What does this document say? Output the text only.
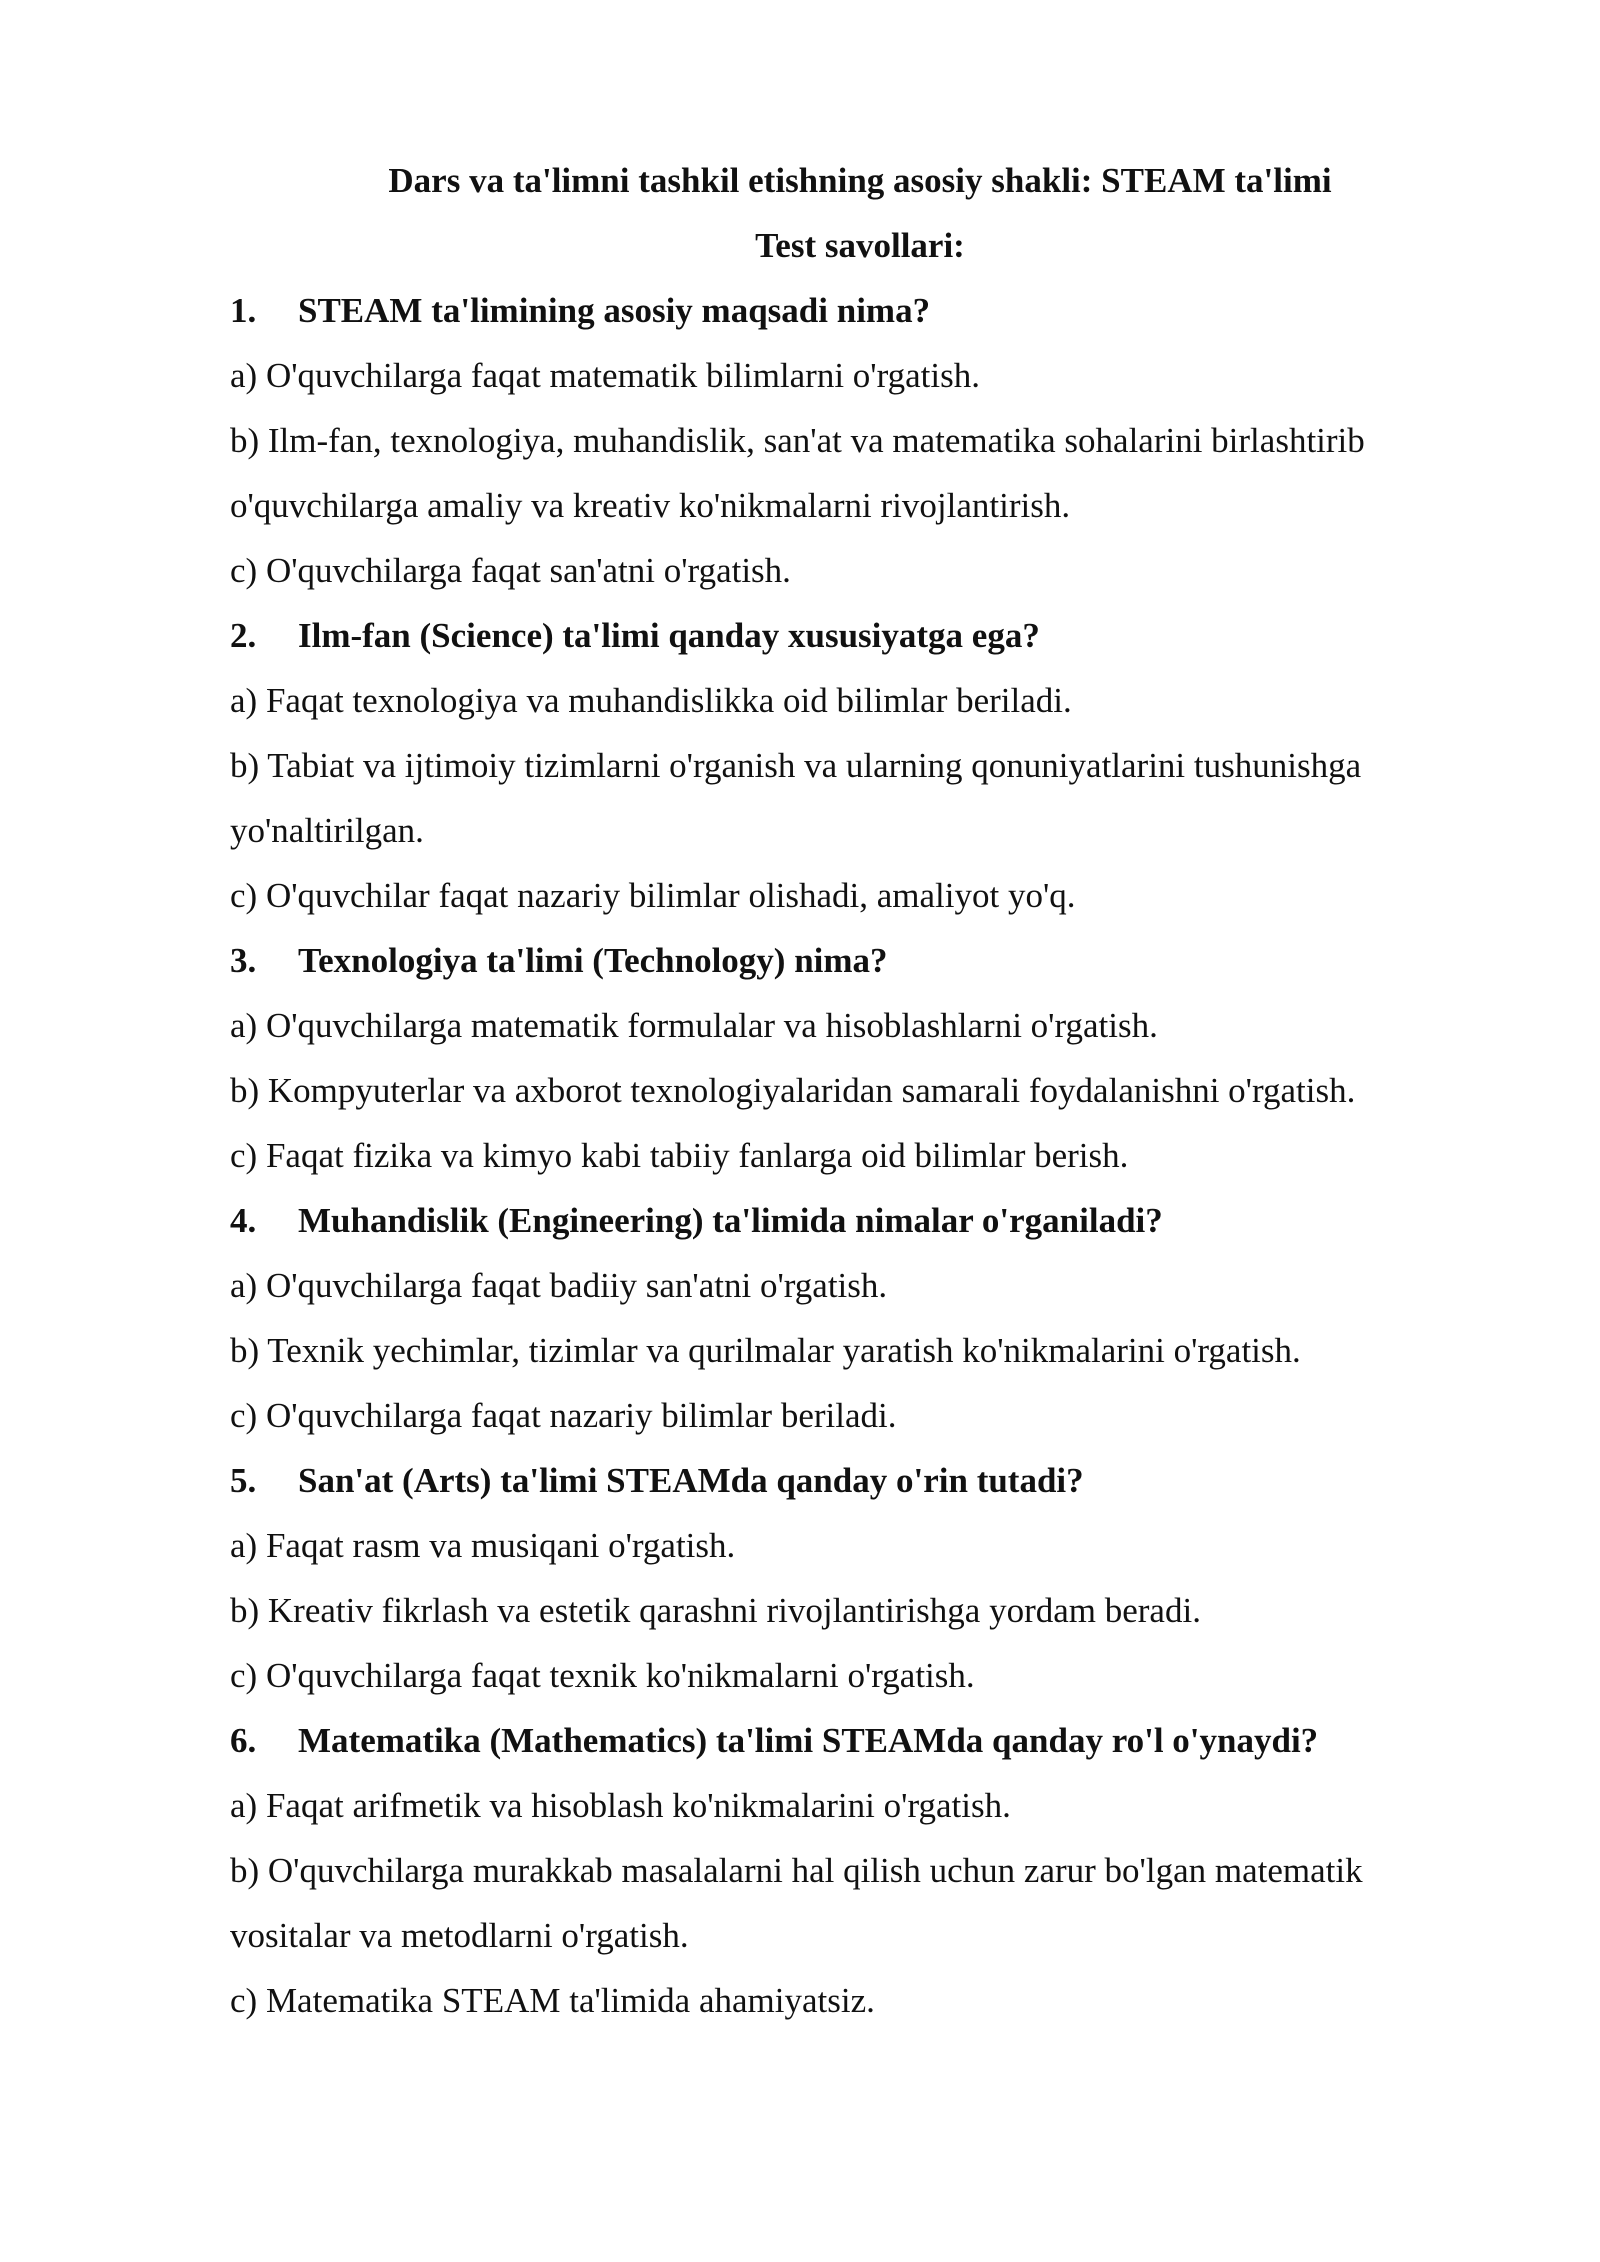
Dars va ta'limni tashkil etishning asosiy shakli: STEAM ta'limi
Test savollari:
1. STEAM ta'limining asosiy maqsadi nima?
a) O'quvchilarga faqat matematik bilimlarni o'rgatish.
b) Ilm-fan, texnologiya, muhandislik, san'at va matematika sohalarini birlashtirib
o'quvchilarga amaliy va kreativ ko'nikmalarni rivojlantirish.
c) O'quvchilarga faqat san'atni o'rgatish.
2. Ilm-fan (Science) ta'limi qanday xususiyatga ega?
a) Faqat texnologiya va muhandislikka oid bilimlar beriladi.
b) Tabiat va ijtimoiy tizimlarni o'rganish va ularning qonuniyatlarini tushunishga
yo'naltirilgan.
c) O'quvchilar faqat nazariy bilimlar olishadi, amaliyot yo'q.
3. Texnologiya ta'limi (Technology) nima?
a) O'quvchilarga matematik formulalar va hisoblashlarni o'rgatish.
b) Kompyuterlar va axborot texnologiyalaridan samarali foydalanishni o'rgatish.
c) Faqat fizika va kimyo kabi tabiiy fanlarga oid bilimlar berish.
4. Muhandislik (Engineering) ta'limida nimalar o'rganiladi?
a) O'quvchilarga faqat badiiy san'atni o'rgatish.
b) Texnik yechimlar, tizimlar va qurilmalar yaratish ko'nikmalarini o'rgatish.
c) O'quvchilarga faqat nazariy bilimlar beriladi.
5. San'at (Arts) ta'limi STEAMda qanday o'rin tutadi?
a) Faqat rasm va musiqani o'rgatish.
b) Kreativ fikrlash va estetik qarashni rivojlantirishga yordam beradi.
c) O'quvchilarga faqat texnik ko'nikmalarni o'rgatish.
6. Matematika (Mathematics) ta'limi STEAMda qanday ro'l o'ynaydi?
a) Faqat arifmetik va hisoblash ko'nikmalarini o'rgatish.
b) O'quvchilarga murakkab masalalarni hal qilish uchun zarur bo'lgan matematik
vositalar va metodlarni o'rgatish.
c) Matematika STEAM ta'limida ahamiyatsiz.
